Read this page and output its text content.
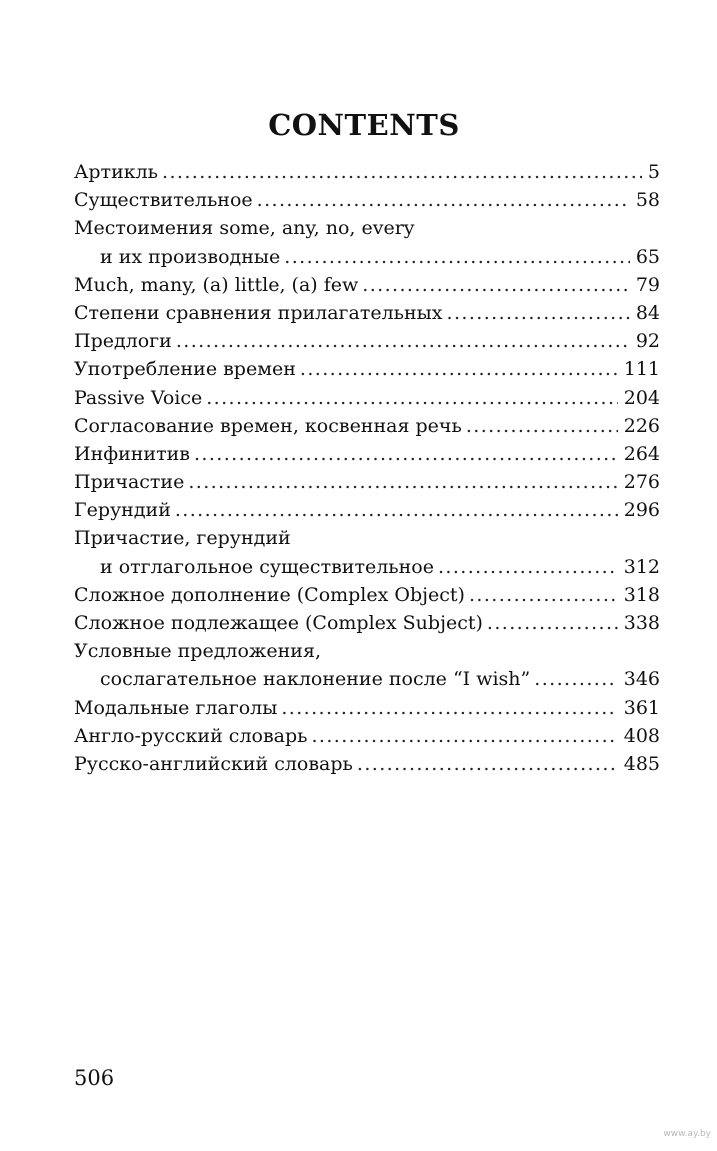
CONTENTS
Артикль .....	5
Существительное .....	58
Местоимения some, any, no, every
и их производные .....	65
Much, many, (a) little, (a) few .....	79
Степени сравнения прилагательных .....	84
Предлоги .....	92
Употребление времен .....	111
Passive Voice .....	204
Согласование времен, косвенная речь .....	226
Инфинитив .....	264
Причастие .....	276
Герундий .....	296
Причастие, герундий
и отглагольное существительное .....	312
Сложное дополнение (Complex Object) .....	318
Сложное подлежащее (Complex Subject) .....	338
Условные предложения,
сослагательное наклонение после “I wish” .....	346
Модальные глаголы .....	361
Англо-русский словарь .....	408
Русско-английский словарь .....	485
506
www.ay.by
